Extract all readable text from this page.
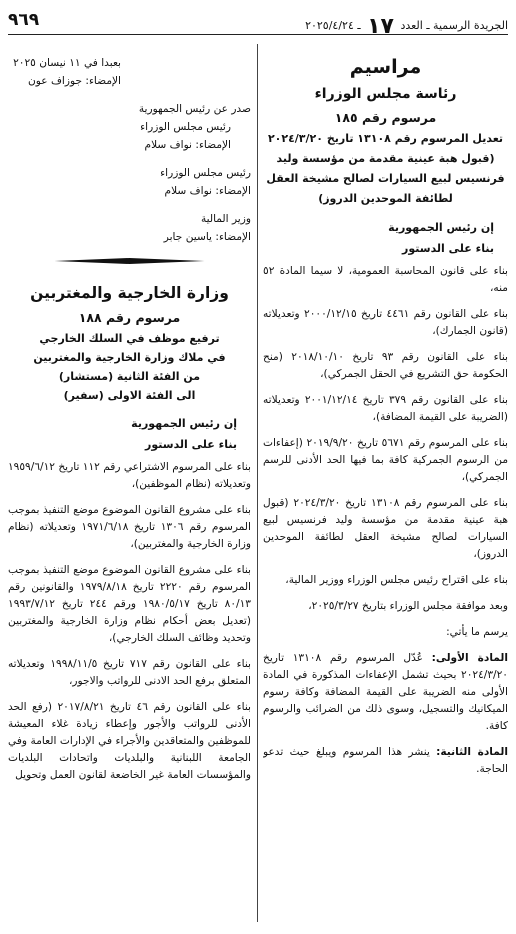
الجريدة الرسمية ـ العدد ١٧ ـ ٢٠٢٥/٤/٢٤
٩٦٩

مراسيم

رئاسة مجلس الوزراء

مرسوم رقم ١٨٥

تعديل المرسوم رقم ١٣١٠٨ تاريخ ٢٠٢٤/٣/٢٠ (قبول هبة عينية مقدمة من مؤسسة وليد فرنسيس لبيع السيارات لصالح مشيخة العقل لطائفة الموحدين الدروز)

إن رئيس الجمهورية

بناء على الدستور

بناء على قانون المحاسبة العمومية، لا سيما المادة ٥٢ منه،

بناء على القانون رقم ٤٤٦١ تاريخ ٢٠٠٠/١٢/١٥ وتعديلاته (قانون الجمارك)،

بناء على القانون رقم ٩٣ تاريخ ٢٠١٨/١٠/١٠ (منح الحكومة حق التشريع في الحقل الجمركي)،

بناء على القانون رقم ٣٧٩ تاريخ ٢٠٠١/١٢/١٤ وتعديلاته (الضريبة على القيمة المضافة)،

بناء على المرسوم رقم ٥٦٧١ تاريخ ٢٠١٩/٩/٢٠ (إعفاءات من الرسوم الجمركية كافة بما فيها الحد الأدنى للرسم الجمركي)،

بناء على المرسوم رقم ١٣١٠٨ تاريخ ٢٠٢٤/٣/٢٠ (قبول هبة عينية مقدمة من مؤسسة وليد فرنسيس لبيع السيارات لصالح مشيخة العقل لطائفة الموحدين الدروز)،

بناء على اقتراح رئيس مجلس الوزراء ووزير المالية،

وبعد موافقة مجلس الوزراء بتاريخ ٢٠٢٥/٣/٢٧،

يرسم ما يأتي:

المادة الأولى: عُدّل المرسوم رقم ١٣١٠٨ تاريخ ٢٠٢٤/٣/٢٠ بحيث تشمل الإعفاءات المذكورة في المادة الأولى منه الضريبة على القيمة المضافة وكافة رسوم الميكانيك والتسجيل، وسوى ذلك من الضرائب والرسوم كافة.

المادة الثانية: ينشر هذا المرسوم ويبلغ حيث تدعو الحاجة.

بعبدا في ١١ نيسان ٢٠٢٥

الإمضاء: جوزاف عون

صدر عن رئيس الجمهورية

رئيس مجلس الوزراء

الإمضاء: نواف سلام

رئيس مجلس الوزراء

الإمضاء: نواف سلام

وزير المالية

الإمضاء: ياسين جابر

وزارة الخارجية والمغتربين

مرسوم رقم ١٨٨

ترفيع موظف في السلك الخارجي

في ملاك وزارة الخارجية والمغتربين

من الفئة الثانية (مستشار)

الى الفئة الاولى (سفير)

إن رئيس الجمهورية

بناء على الدستور

بناء على المرسوم الاشتراعي رقم ١١٢ تاريخ ١٩٥٩/٦/١٢ وتعديلاته (نظام الموظفين)،

بناء على مشروع القانون الموضوع موضع التنفيذ بموجب المرسوم رقم ١٣٠٦ تاريخ ١٩٧١/٦/١٨ وتعديلاته (نظام وزارة الخارجية والمغتربين)،

بناء على مشروع القانون الموضوع موضع التنفيذ بموجب المرسوم رقم ٢٢٢٠ تاريخ ١٩٧٩/٨/١٨ والقانونين رقم ٨٠/١٣ تاريخ ١٩٨٠/٥/١٧ ورقم ٢٤٤ تاريخ ١٩٩٣/٧/١٢ (تعديل بعض أحكام نظام وزارة الخارجية والمغتربين وتحديد وظائف السلك الخارجي)،

بناء على القانون رقم ٧١٧ تاريخ ١٩٩٨/١١/٥ وتعديلاته المتعلق برفع الحد الادنى للرواتب والاجور،

بناء على القانون رقم ٤٦ تاريخ ٢٠١٧/٨/٢١ (رفع الحد الأدنى للرواتب والأجور وإعطاء زيادة غلاء المعيشة للموظفين والمتعاقدين والأجراء في الإدارات العامة وفي الجامعة اللبنانية والبلديات واتحادات البلديات والمؤسسات العامة غير الخاضعة لقانون العمل وتحويل
